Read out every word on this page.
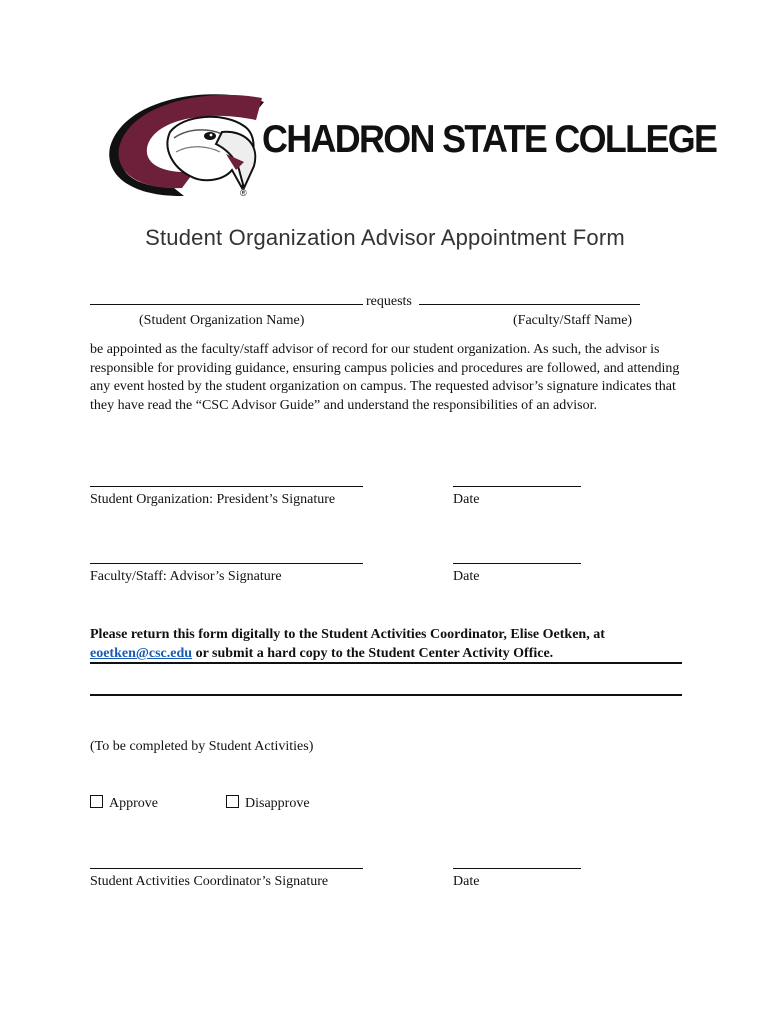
CHADRON STATE COLLEGE
®
Student Organization Advisor Appointment Form
requests
(Student Organization Name)	(Faculty/Staff Name)
be appointed as the faculty/staff advisor of record for our student organization. As such, the advisor is responsible for providing guidance, ensuring campus policies and procedures are followed, and attending any event hosted by the student organization on campus. The requested advisor’s signature indicates that they have read the “CSC Advisor Guide” and understand the responsibilities of an advisor.
Student Organization: President’s Signature	Date
Faculty/Staff: Advisor’s Signature	Date
Please return this form digitally to the Student Activities Coordinator, Elise Oetken, at eoetken@csc.edu or submit a hard copy to the Student Center Activity Office.
(To be completed by Student Activities)
Approve	Disapprove
Student Activities Coordinator’s Signature	Date
